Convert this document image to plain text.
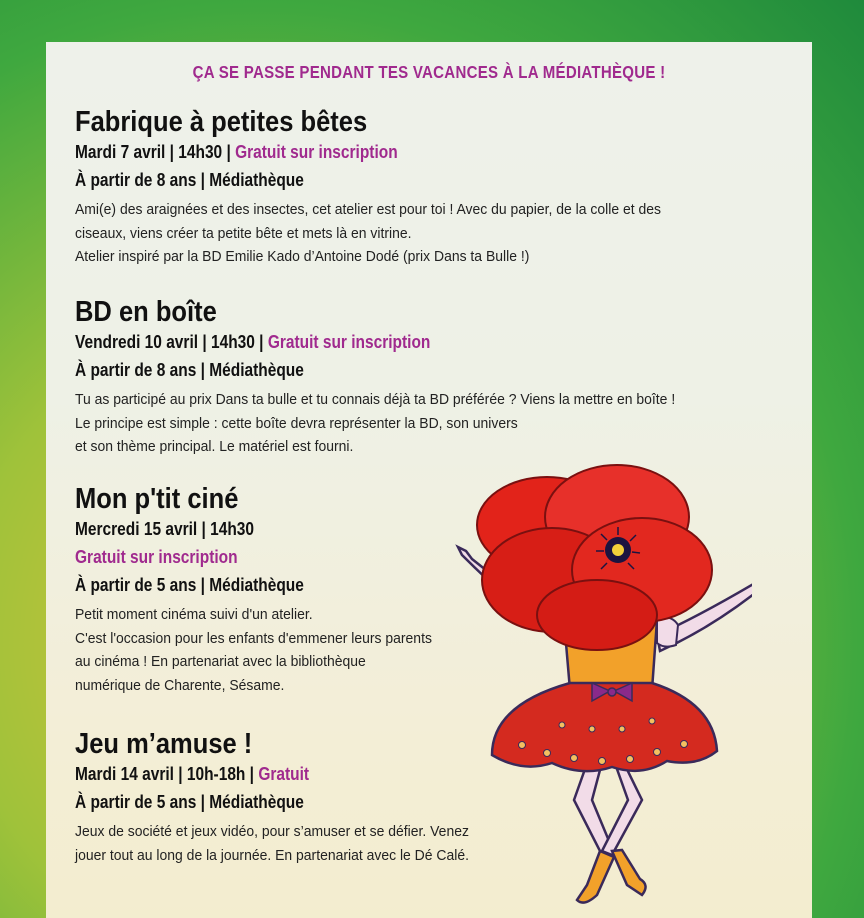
ÇA SE PASSE PENDANT TES VACANCES À LA MÉDIATHÈQUE !
Fabrique à petites bêtes
Mardi 7 avril | 14h30 | Gratuit sur inscription
À partir de 8 ans | Médiathèque
Ami(e) des araignées et des insectes, cet atelier est pour toi ! Avec du papier, de la colle et des
ciseaux, viens créer ta petite bête et mets là en vitrine.
Atelier inspiré par la BD Emilie Kado d’Antoine Dodé (prix Dans ta Bulle !)
BD en boîte
Vendredi 10 avril | 14h30 | Gratuit sur inscription
À partir de 8 ans | Médiathèque
Tu as participé au prix Dans ta bulle et tu connais déjà ta BD préférée ? Viens la mettre en boîte !
Le principe est simple : cette boîte devra représenter la BD, son univers
et son thème principal. Le matériel est fourni.
Mon p'tit ciné
Mercredi 15 avril | 14h30
Gratuit sur inscription
À partir de 5 ans | Médiathèque
Petit moment cinéma suivi d'un atelier.
C'est l'occasion pour les enfants d'emmener leurs parents
au cinéma ! En partenariat avec la bibliothèque
numérique de Charente, Sésame.
Jeu m’amuse !
Mardi 14 avril | 10h-18h | Gratuit
À partir de 5 ans | Médiathèque
Jeux de société et jeux vidéo, pour s’amuser et se défier. Venez
jouer tout au long de la journée. En partenariat avec le Dé Calé.
